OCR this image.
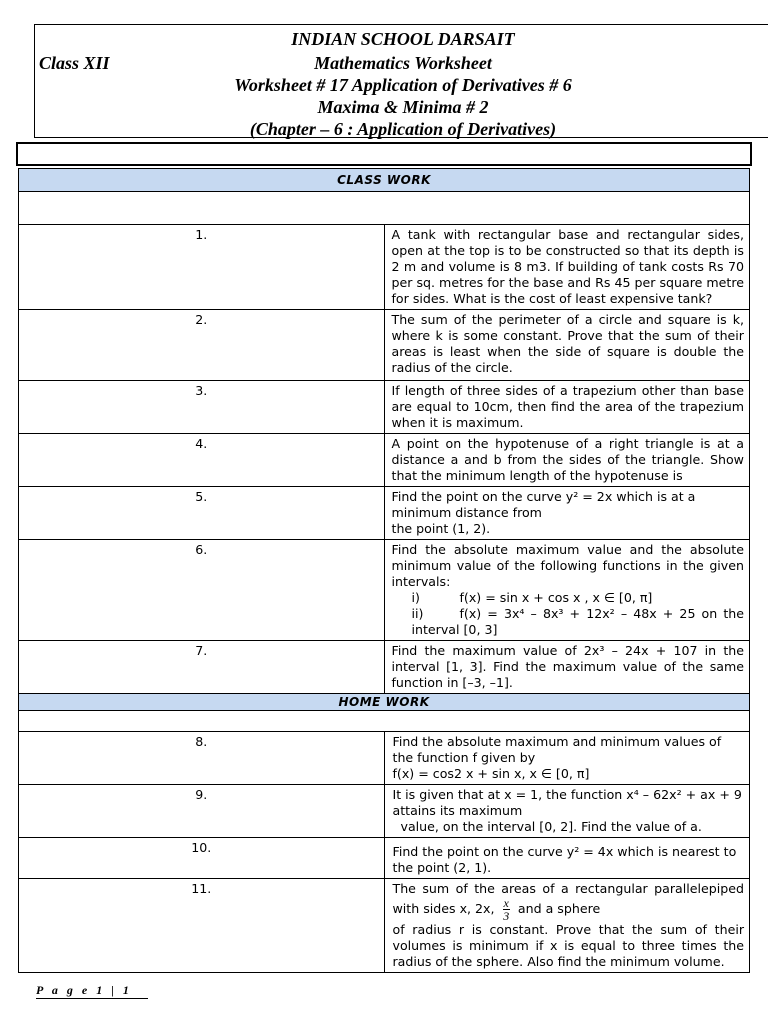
INDIAN SCHOOL DARSAIT
Class XII	Mathematics Worksheet
Worksheet # 17 Application of Derivatives # 6
Maxima & Minima # 2
(Chapter – 6 : Application of Derivatives)
CLASS WORK	

1.	A tank with rectangular base and rectangular sides, open at the top is to be constructed so that its depth is 2 m and volume is 8 m3. If building of tank costs Rs 70 per sq. metres for the base and Rs 45 per square metre for sides. What is the cost of least expensive tank?
2.	The sum of the perimeter of a circle and square is k, where k is some constant. Prove that the sum of their areas is least when the side of square is double the radius of the circle.
3.	If length of three sides of a trapezium other than base are equal to 10cm, then find the area of the trapezium when it is maximum.
4.	A point on the hypotenuse of a right triangle is at a distance a and b from the sides of the triangle. Show that the minimum length of the hypotenuse is
5.	Find the point on the curve y² = 2x which is at a minimum distance from
the point (1, 2).
6.	Find the absolute maximum value and the absolute minimum value of the following functions in the given intervals:
i) f(x) = sin x + cos x , x ∈ [0, π]
ii) f(x) = 3x⁴ – 8x³ + 12x² – 48x + 25 on the interval [0, 3]

7.	Find the maximum value of 2x³ – 24x + 107 in the interval [1, 3]. Find the maximum value of the same function in [–3, –1].
HOME WORK	

8.	Find the absolute maximum and minimum values of the function f given by
f(x) = cos2 x + sin x, x ∈ [0, π]
9.	It is given that at x = 1, the function x⁴ – 62x² + ax + 9 attains its maximum
value, on the interval [0, 2]. Find the value of a.
10.	Find the point on the curve y² = 4x which is nearest to the point (2, 1).
11.	The sum of the areas of a rectangular parallelepiped with sides x, 2x, $\frac{x}{3}$ and a sphere
of radius r is constant. Prove that the sum of their volumes is minimum if x is equal to three times the radius of the sphere. Also find the minimum volume.
P a g e 1 | 1
